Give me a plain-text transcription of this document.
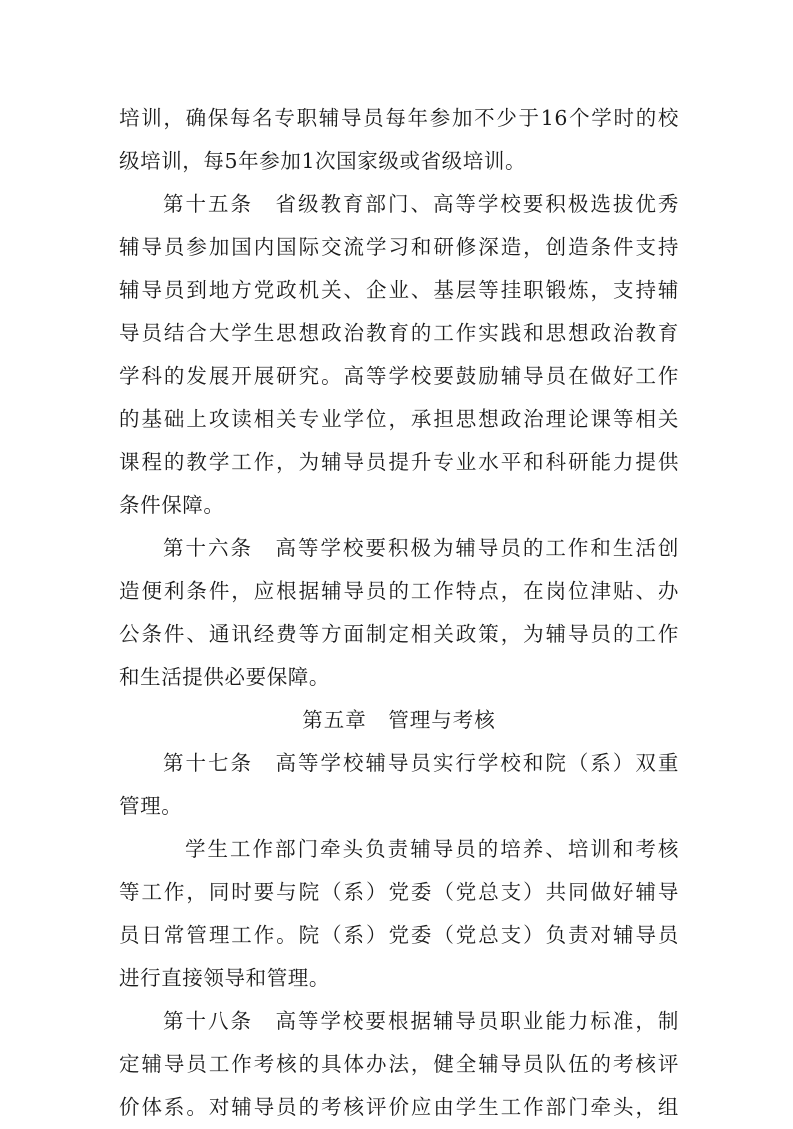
培训，确保每名专职辅导员每年参加不少于16个学时的校
级培训，每5年参加1次国家级或省级培训。
第十五条　省级教育部门、高等学校要积极选拔优秀
辅导员参加国内国际交流学习和研修深造，创造条件支持
辅导员到地方党政机关、企业、基层等挂职锻炼，支持辅
导员结合大学生思想政治教育的工作实践和思想政治教育
学科的发展开展研究。高等学校要鼓励辅导员在做好工作
的基础上攻读相关专业学位，承担思想政治理论课等相关
课程的教学工作，为辅导员提升专业水平和科研能力提供
条件保障。
第十六条　高等学校要积极为辅导员的工作和生活创
造便利条件，应根据辅导员的工作特点，在岗位津贴、办
公条件、通讯经费等方面制定相关政策，为辅导员的工作
和生活提供必要保障。
第五章　管理与考核
第十七条　高等学校辅导员实行学校和院（系）双重
管理。
学生工作部门牵头负责辅导员的培养、培训和考核
等工作，同时要与院（系）党委（党总支）共同做好辅导
员日常管理工作。院（系）党委（党总支）负责对辅导员
进行直接领导和管理。
第十八条　高等学校要根据辅导员职业能力标准，制
定辅导员工作考核的具体办法，健全辅导员队伍的考核评
价体系。对辅导员的考核评价应由学生工作部门牵头，组
